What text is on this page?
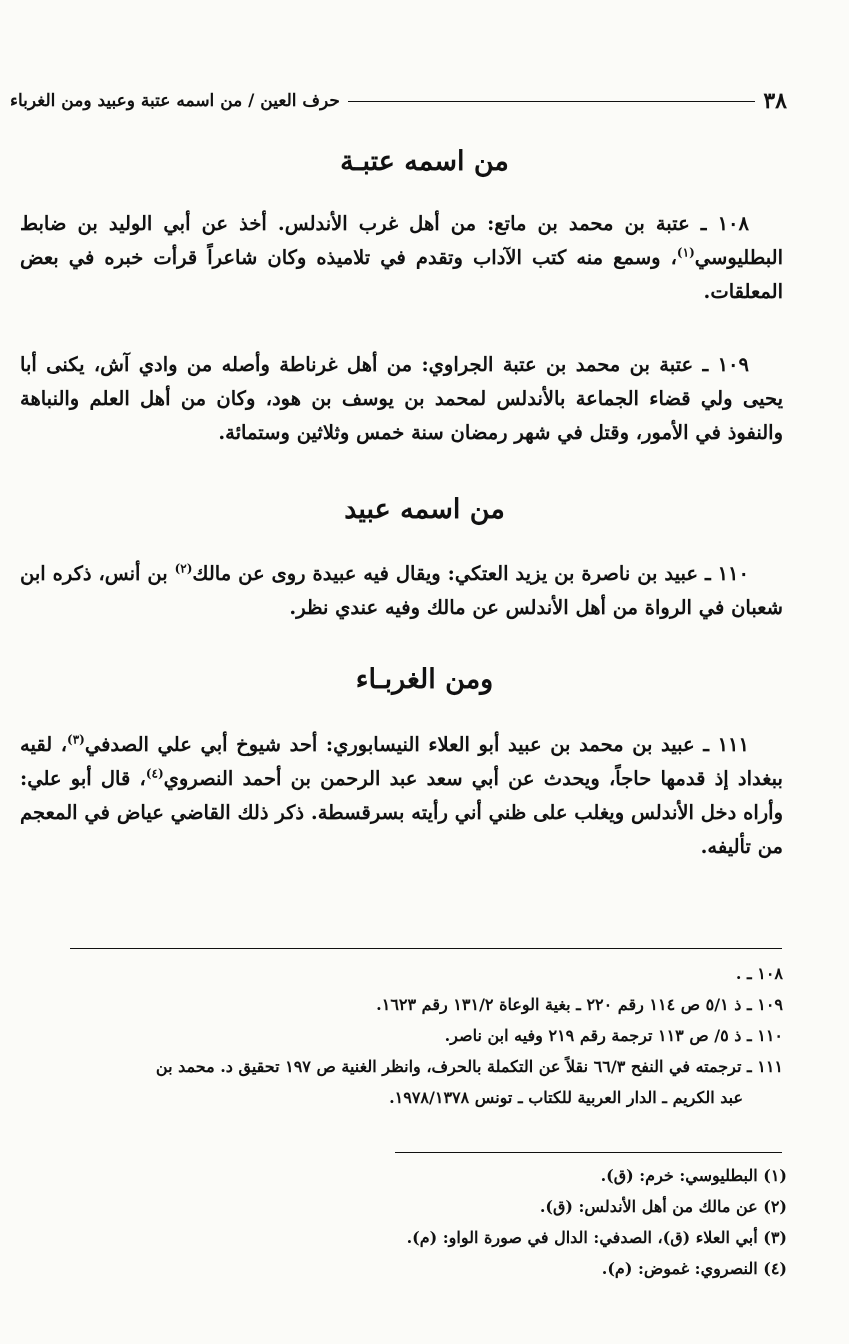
٣٨
حرف العين / من اسمه عتبة وعبيد ومن الغرباء
من اسمه عتبـة

١٠٨ ـ عتبة بن محمد بن ماتع: من أهل غرب الأندلس. أخذ عن أبي الوليد بن ضابط البطليوسي$^{(١)}$، وسمع منه كتب الآداب وتقدم في تلاميذه وكان شاعراً قرأت خبره في بعض المعلقات.

١٠٩ ـ عتبة بن محمد بن عتبة الجراوي: من أهل غرناطة وأصله من وادي آش، يكنى أبا يحيى ولي قضاء الجماعة بالأندلس لمحمد بن يوسف بن هود، وكان من أهل العلم والنباهة والنفوذ في الأمور، وقتل في شهر رمضان سنة خمس وثلاثين وستمائة.

من اسمه عبيد

١١٠ ـ عبيد بن ناصرة بن يزيد العتكي: ويقال فيه عبيدة روى عن مالك$^{(٢)}$ بن أنس، ذكره ابن شعبان في الرواة من أهل الأندلس عن مالك وفيه عندي نظر.

ومن الغربـاء

١١١ ـ عبيد بن محمد بن عبيد أبو العلاء النيسابوري: أحد شيوخ أبي علي الصدفي$^{(٣)}$، لقيه ببغداد إذ قدمها حاجاً، ويحدث عن أبي سعد عبد الرحمن بن أحمد النصروي$^{(٤)}$، قال أبو علي: وأراه دخل الأندلس ويغلب على ظني أني رأيته بسرقسطة. ذكر ذلك القاضي عياض في المعجم من تأليفه.

١٠٨ ـ .
١٠٩ ـ ذ ٥/١ ص ١١٤ رقم ٢٢٠ ـ بغية الوعاة ١٣١/٢ رقم ١٦٢٣.
١١٠ ـ ذ ٥/ ص ١١٣ ترجمة رقم ٢١٩ وفيه ابن ناصر.
١١١ ـ ترجمته في النفح ٦٦/٣ نقلاً عن التكملة بالحرف، وانظر الغنية ص ١٩٧ تحقيق د. محمد بن
عبد الكريم ـ الدار العربية للكتاب ـ تونس ١٩٧٨/١٣٧٨.
(١) البطليوسي: خرم: (ق).
(٢) عن مالك من أهل الأندلس: (ق).
(٣) أبي العلاء (ق)، الصدفي: الدال في صورة الواو: (م).
(٤) النصروي: غموض: (م).
